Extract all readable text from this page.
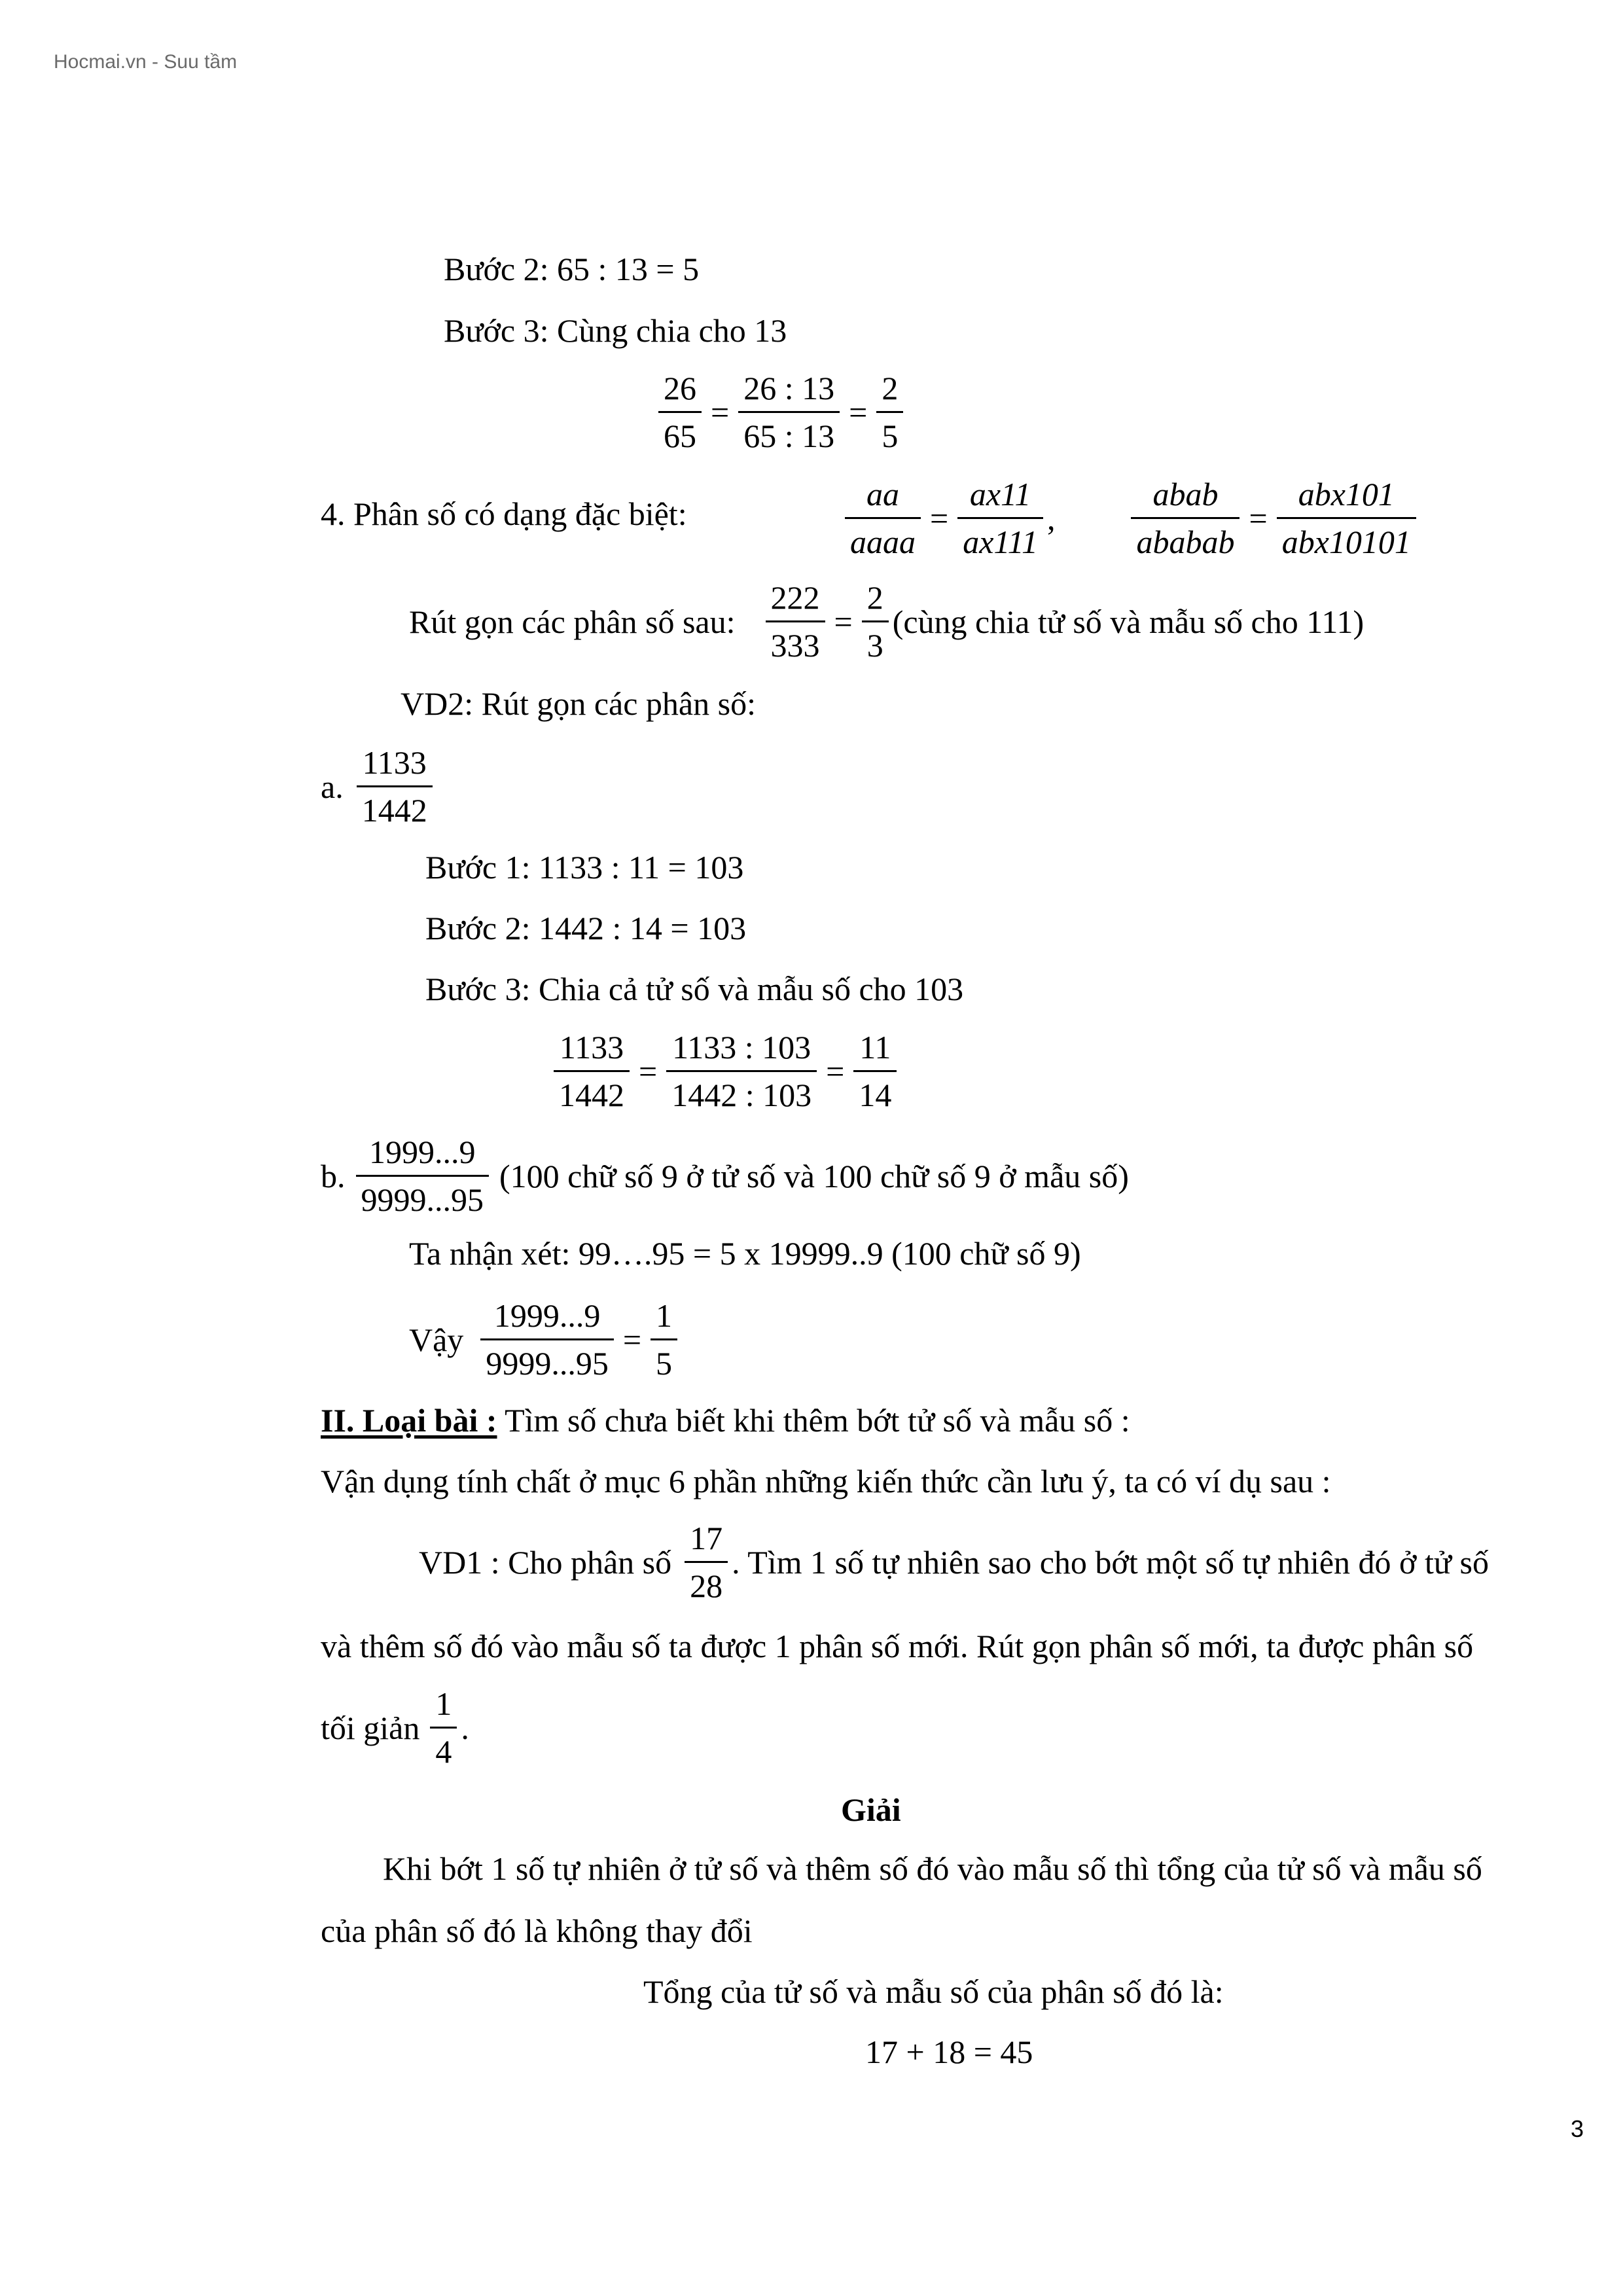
Hocmai.vn - Suu tầm
Bước 2: 65 : 13 = 5
Bước 3: Cùng chia cho 13
$\frac{26}{65} = \frac{26 : 13}{65 : 13} = \frac{2}{5}$
4. Phân số có dạng đặc biệt:	$\frac{aa}{\text{aaaa}} = \frac{ax11}{ax111}$ , $\frac{\text{abab}}{\text{ababab}} = \frac{\text{abx101}}{\text{abx10101}}$
Rút gọn các phân số sau: $\frac{222}{333} = \frac{2}{3}$ (cùng chia tử số và mẫu số cho 111)
VD2: Rút gọn các phân số:
a. $\frac{1133}{1442}$
Bước 1: 1133 : 11 = 103
Bước 2: 1442 : 14 = 103
Bước 3: Chia cả tử số và mẫu số cho 103
$\frac{1133}{1442} = \frac{1133 : 103}{1442 : 103} = \frac{11}{14}$
b. $\frac{1999...9}{9999...95} (100$ chữ số 9 ở tử số và 100 chữ số 9 ở mẫu số)
Ta nhận xét: 99….95 = 5 x 19999..9 (100 chữ số 9)
Vậy $\frac{1999...9}{9999...95} = \frac{1}{5}$
II. Loại bài : Tìm số chưa biết khi thêm bớt tử số và mẫu số :
Vận dụng tính chất ở mục 6 phần những kiến thức cần lưu ý, ta có ví dụ sau :
VD1 : Cho phân số $\frac{17}{28}$ . Tìm 1 số tự nhiên sao cho bớt một số tự nhiên đó ở tử số
và thêm số đó vào mẫu số ta được 1 phân số mới. Rút gọn phân số mới, ta được phân số
tối giản $\frac{1}{4}$ .
Giải
Khi bớt 1 số tự nhiên ở tử số và thêm số đó vào mẫu số thì tổng của tử số và mẫu số
của phân số đó là không thay đổi
Tổng của tử số và mẫu số của phân số đó là:
17 + 18 = 45
3
